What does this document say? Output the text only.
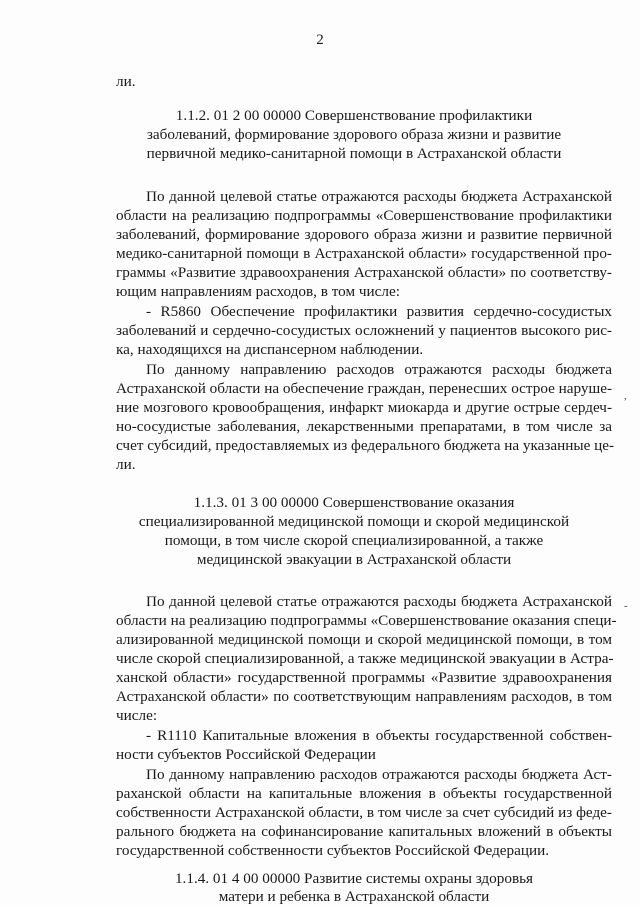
2
ли.
1.1.2. 01 2 00 00000 Совершенствование профилактики
заболеваний, формирование здорового образа жизни и развитие
первичной медико-санитарной помощи в Астраханской области
По данной целевой статье отражаются расходы бюджета Астраханской
области на реализацию подпрограммы «Совершенствование профилактики
заболеваний, формирование здорового образа жизни и развитие первичной
медико-санитарной помощи в Астраханской области» государственной про-
граммы «Развитие здравоохранения Астраханской области» по соответству-
ющим направлениям расходов, в том числе:
- R5860 Обеспечение профилактики развития сердечно-сосудистых
заболеваний и сердечно-сосудистых осложнений у пациентов высокого рис-
ка, находящихся на диспансерном наблюдении.
По данному направлению расходов отражаются расходы бюджета
Астраханской области на обеспечение граждан, перенесших острое наруше-
ние мозгового кровообращения, инфаркт миокарда и другие острые сердеч-
но-сосудистые заболевания, лекарственными препаратами, в том числе за
счет субсидий, предоставляемых из федерального бюджета на указанные це-
ли.
1.1.3. 01 3 00 00000 Совершенствование оказания
специализированной медицинской помощи и скорой медицинской
помощи, в том числе скорой специализированной, а также
медицинской эвакуации в Астраханской области
По данной целевой статье отражаются расходы бюджета Астраханской
области на реализацию подпрограммы «Совершенствование оказания специ-
ализированной медицинской помощи и скорой медицинской помощи, в том
числе скорой специализированной, а также медицинской эвакуации в Астра-
ханской области» государственной программы «Развитие здравоохранения
Астраханской области» по соответствующим направлениям расходов, в том
числе:
- R1110 Капитальные вложения в объекты государственной собствен-
ности субъектов Российской Федерации
По данному направлению расходов отражаются расходы бюджета Аст-
раханской области на капитальные вложения в объекты государственной
собственности Астраханской области, в том числе за счет субсидий из феде-
рального бюджета на софинансирование капитальных вложений в объекты
государственной собственности субъектов Российской Федерации.
1.1.4. 01 4 00 00000 Развитие системы охраны здоровья
матери и ребенка в Астраханской области
,
-
